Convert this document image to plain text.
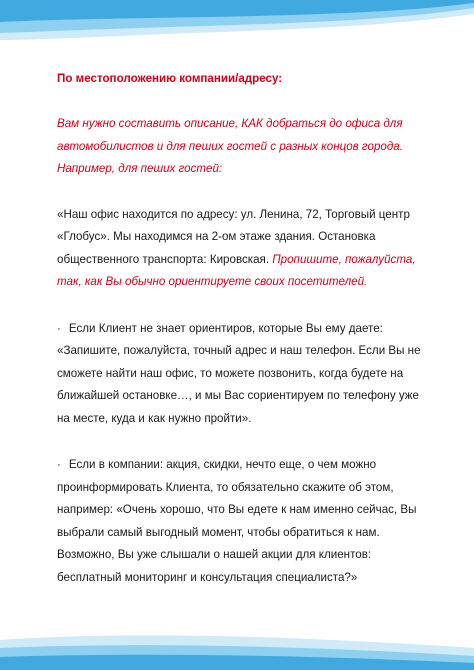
По местоположению компании/адресу:
Вам нужно составить описание, КАК добраться до офиса для
автомобилистов и для пеших гостей с разных концов города.
Например, для пеших гостей:
«Наш офис находится по адресу: ул. Ленина, 72, Торговый центр
«Глобус». Мы находимся на 2-ом этаже здания. Остановка
общественного транспорта: Кировская. Пропишите, пожалуйста,
так, как Вы обычно ориентируете своих посетителей.
· Если Клиент не знает ориентиров, которые Вы ему даете:
«Запишите, пожалуйста, точный адрес и наш телефон. Если Вы не
сможете найти наш офис, то можете позвонить, когда будете на
ближайшей остановке…, и мы Вас сориентируем по телефону уже
на месте, куда и как нужно пройти».
· Если в компании: акция, скидки, нечто еще, о чем можно
проинформировать Клиента, то обязательно скажите об этом,
например: «Очень хорошо, что Вы едете к нам именно сейчас, Вы
выбрали самый выгодный момент, чтобы обратиться к нам.
Возможно, Вы уже слышали о нашей акции для клиентов:
бесплатный мониторинг и консультация специалиста?»
